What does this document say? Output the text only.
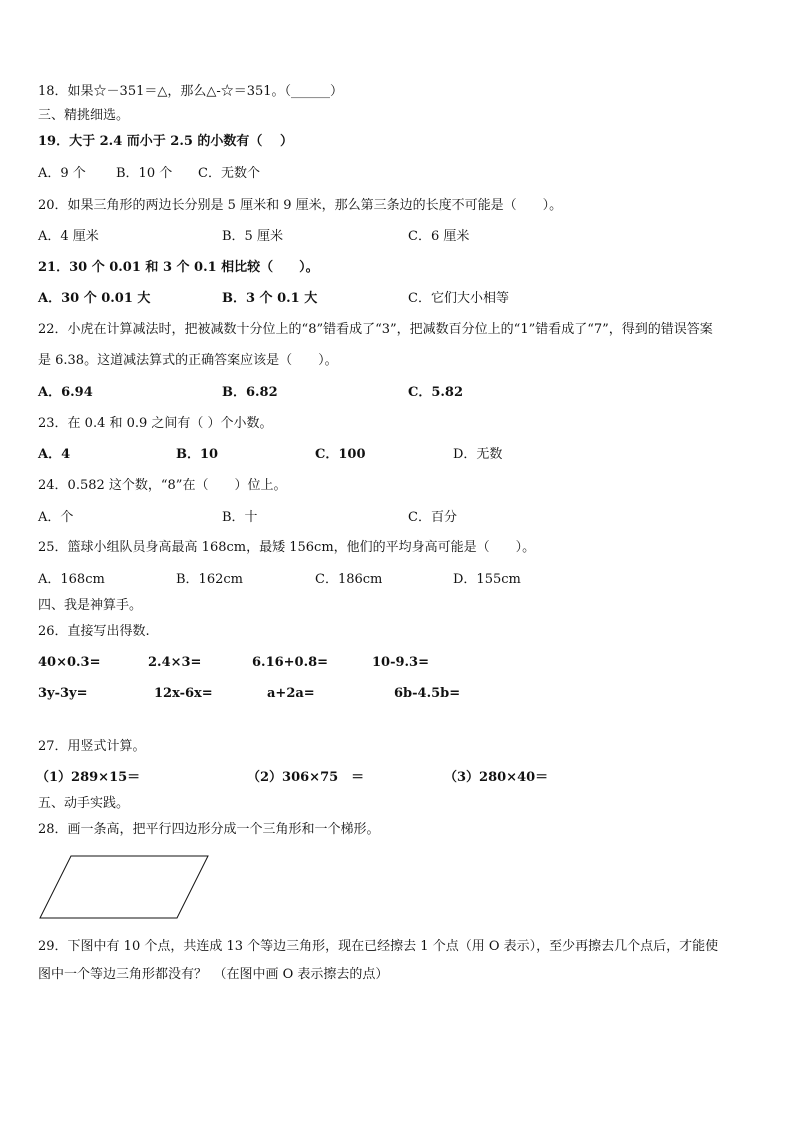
18．如果☆－351＝△，那么△-☆＝351。（______）
三、精挑细选。
19．大于 2.4 而小于 2.5 的小数有（　 ）
A．9 个 B．10 个 C．无数个
20．如果三角形的两边长分别是 5 厘米和 9 厘米，那么第三条边的长度不可能是（　　）。
A．4 厘米	B．5 厘米	C．6 厘米
21．30 个 0.01 和 3 个 0.1 相比较（　　）。
A．30 个 0.01 大	B．3 个 0.1 大	C．它们大小相等
22．小虎在计算减法时，把被减数十分位上的“8”错看成了“3”，把减数百分位上的“1”错看成了“7”，得到的错误答案
是 6.38。这道减法算式的正确答案应该是（　　）。
A．6.94	B．6.82	C．5.82
23．在 0.4 和 0.9 之间有（ ）个小数。
A．4	B．10	C．100	D．无数
24．0.582 这个数，“8”在（　　）位上。
A．个	B．十	C．百分
25．篮球小组队员身高最高 168cm，最矮 156cm，他们的平均身高可能是（　　）。
A．168cm	B．162cm	C．186cm	D．155cm
四、我是神算手。
26．直接写出得数.
40×0.3=	2.4×3=	6.16+0.8=	10-9.3=
3y-3y=	12x-6x=	a+2a=	6b-4.5b=
27．用竖式计算。
（1）289×15＝	（2）306×75　＝	（3）280×40＝
五、动手实践。
28．画一条高，把平行四边形分成一个三角形和一个梯形。
29．下图中有 10 个点，共连成 13 个等边三角形，现在已经擦去 1 个点（用 O 表示），至少再擦去几个点后，才能使
图中一个等边三角形都没有？　（在图中画 O 表示擦去的点）
